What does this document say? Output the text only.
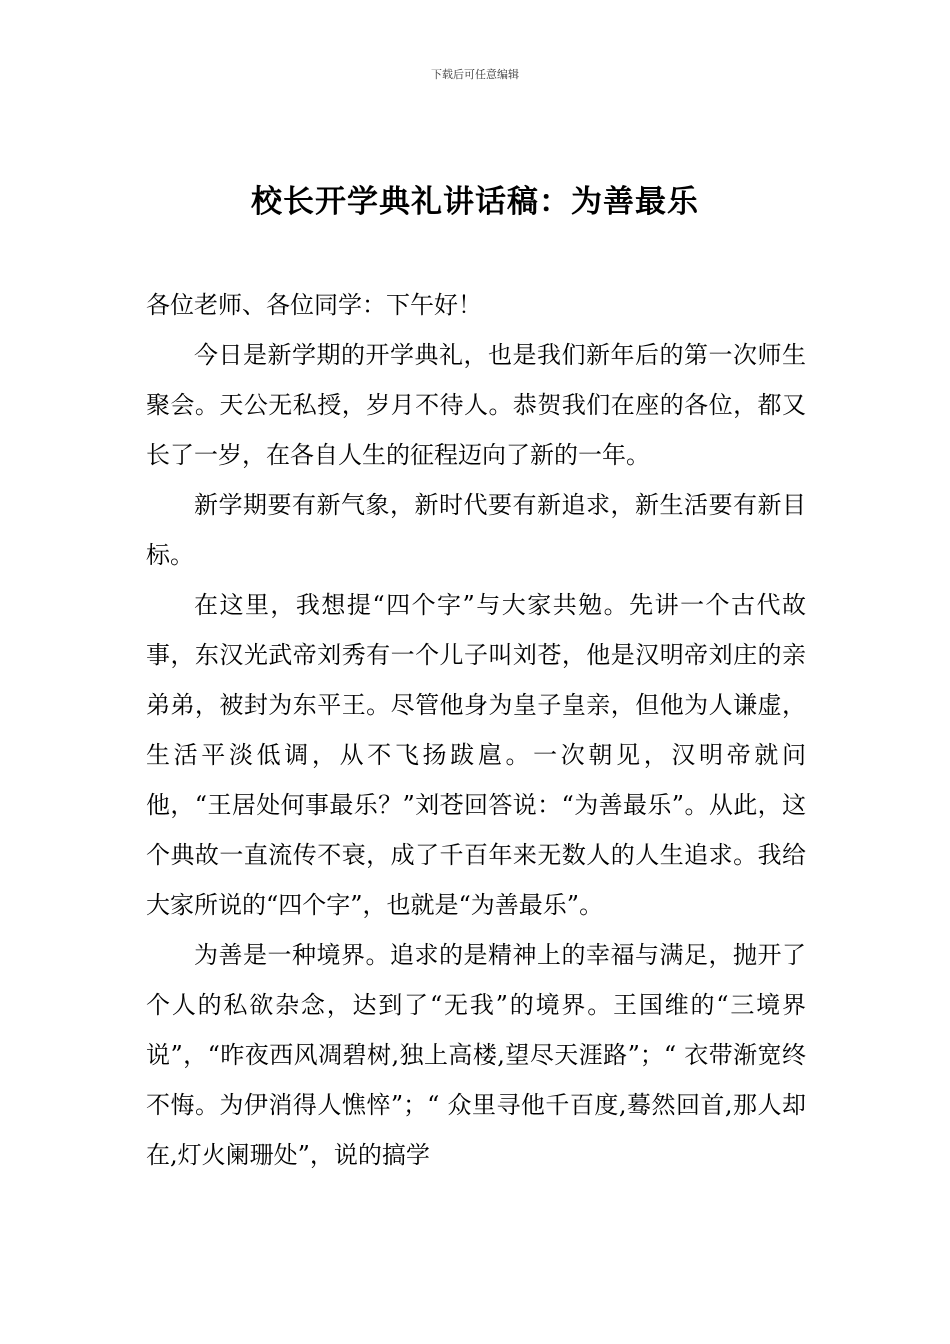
下载后可任意编辑
校长开学典礼讲话稿：为善最乐

各位老师、各位同学：下午好！

今日是新学期的开学典礼，也是我们新年后的第一次师生聚会。天公无私授，岁月不待人。恭贺我们在座的各位，都又长了一岁，在各自人生的征程迈向了新的一年。

新学期要有新气象，新时代要有新追求，新生活要有新目标。

在这里，我想提“四个字”与大家共勉。先讲一个古代故事，东汉光武帝刘秀有一个儿子叫刘苍，他是汉明帝刘庄的亲弟弟，被封为东平王。尽管他身为皇子皇亲，但他为人谦虚，生活平淡低调，从不飞扬跋扈。一次朝见，汉明帝就问他，“王居处何事最乐？”刘苍回答说：“为善最乐”。从此，这个典故一直流传不衰，成了千百年来无数人的人生追求。我给大家所说的“四个字”，也就是“为善最乐”。

为善是一种境界。追求的是精神上的幸福与满足，抛开了个人的私欲杂念，达到了“无我”的境界。王国维的“三境界说”，“昨夜西风凋碧树,独上高楼,望尽天涯路”；“ 衣带渐宽终不悔。为伊消得人憔悴”；“ 众里寻他千百度,蓦然回首,那人却在,灯火阑珊处”，说的搞学
